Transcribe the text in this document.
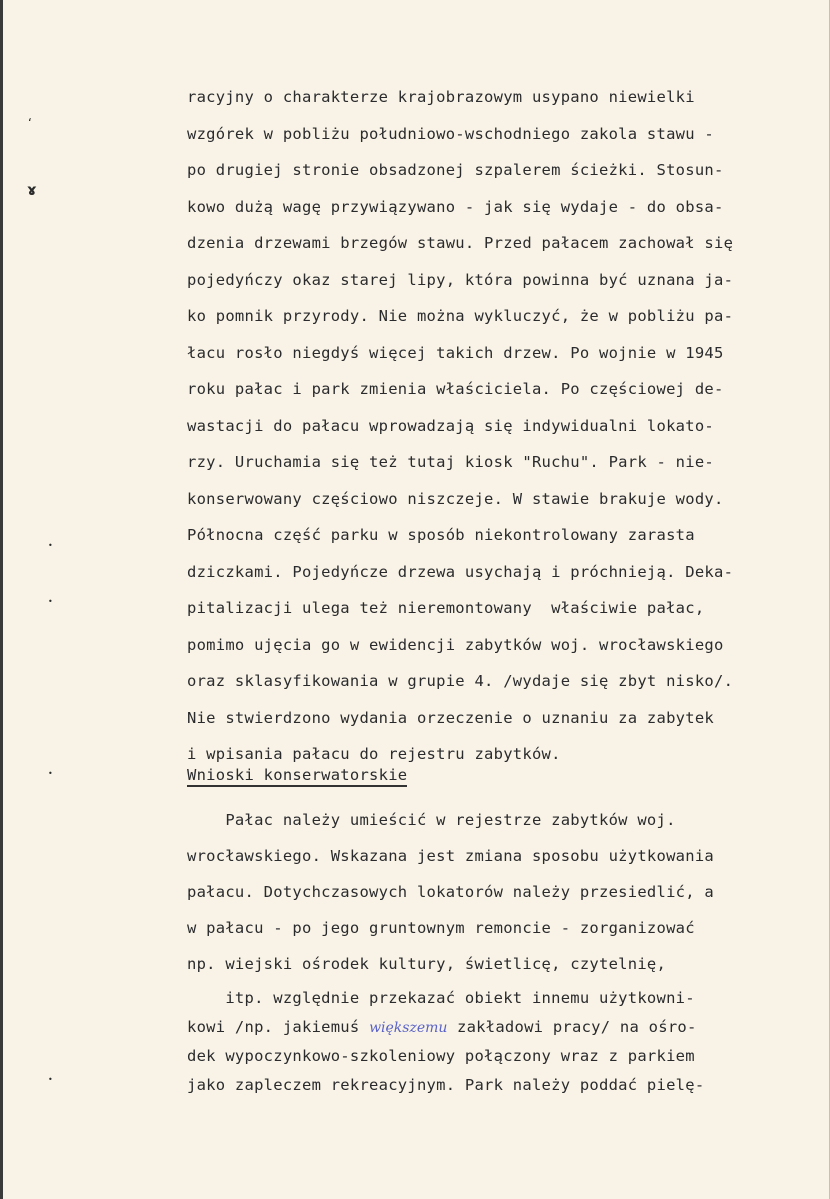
ʻ
ɤ
•
•
•
•

racyjny o charakterze krajobrazowym usypano niewielki

wzgórek w pobliżu południowo-wschodniego zakola stawu -

po drugiej stronie obsadzonej szpalerem ścieżki. Stosun-

kowo dużą wagę przywiązywano - jak się wydaje - do obsa-

dzenia drzewami brzegów stawu. Przed pałacem zachował się

pojedyńczy okaz starej lipy, która powinna być uznana ja-

ko pomnik przyrody. Nie można wykluczyć, że w pobliżu pa-

łacu rosło niegdyś więcej takich drzew. Po wojnie w 1945

roku pałac i park zmienia właściciela. Po częściowej de-

wastacji do pałacu wprowadzają się indywidualni lokato-

rzy. Uruchamia się też tutaj kiosk "Ruchu". Park - nie-

konserwowany częściowo niszczeje. W stawie brakuje wody.

Północna część parku w sposób niekontrolowany zarasta

dziczkami. Pojedyńcze drzewa usychają i próchnieją. Deka-

pitalizacji ulega też nieremontowany  właściwie pałac,

pomimo ujęcia go w ewidencji zabytków woj. wrocławskiego

oraz sklasyfikowania w grupie 4. /wydaje się zbyt nisko/.

Nie stwierdzono wydania orzeczenie o uznaniu za zabytek

i wpisania pałacu do rejestru zabytków.

Wnioski konserwatorskie

Pałac należy umieścić w rejestrze zabytków woj.

wrocławskiego. Wskazana jest zmiana sposobu użytkowania

pałacu. Dotychczasowych lokatorów należy przesiedlić, a

w pałacu - po jego gruntownym remoncie - zorganizować

np. wiejski ośrodek kultury, świetlicę, czytelnię,

itp. względnie przekazać obiekt innemu użytkowni-

kowi /np. jakiemuś większemu zakładowi pracy/ na ośro-

dek wypoczynkowo-szkoleniowy połączony wraz z parkiem

jako zapleczem rekreacyjnym. Park należy poddać pielę-
